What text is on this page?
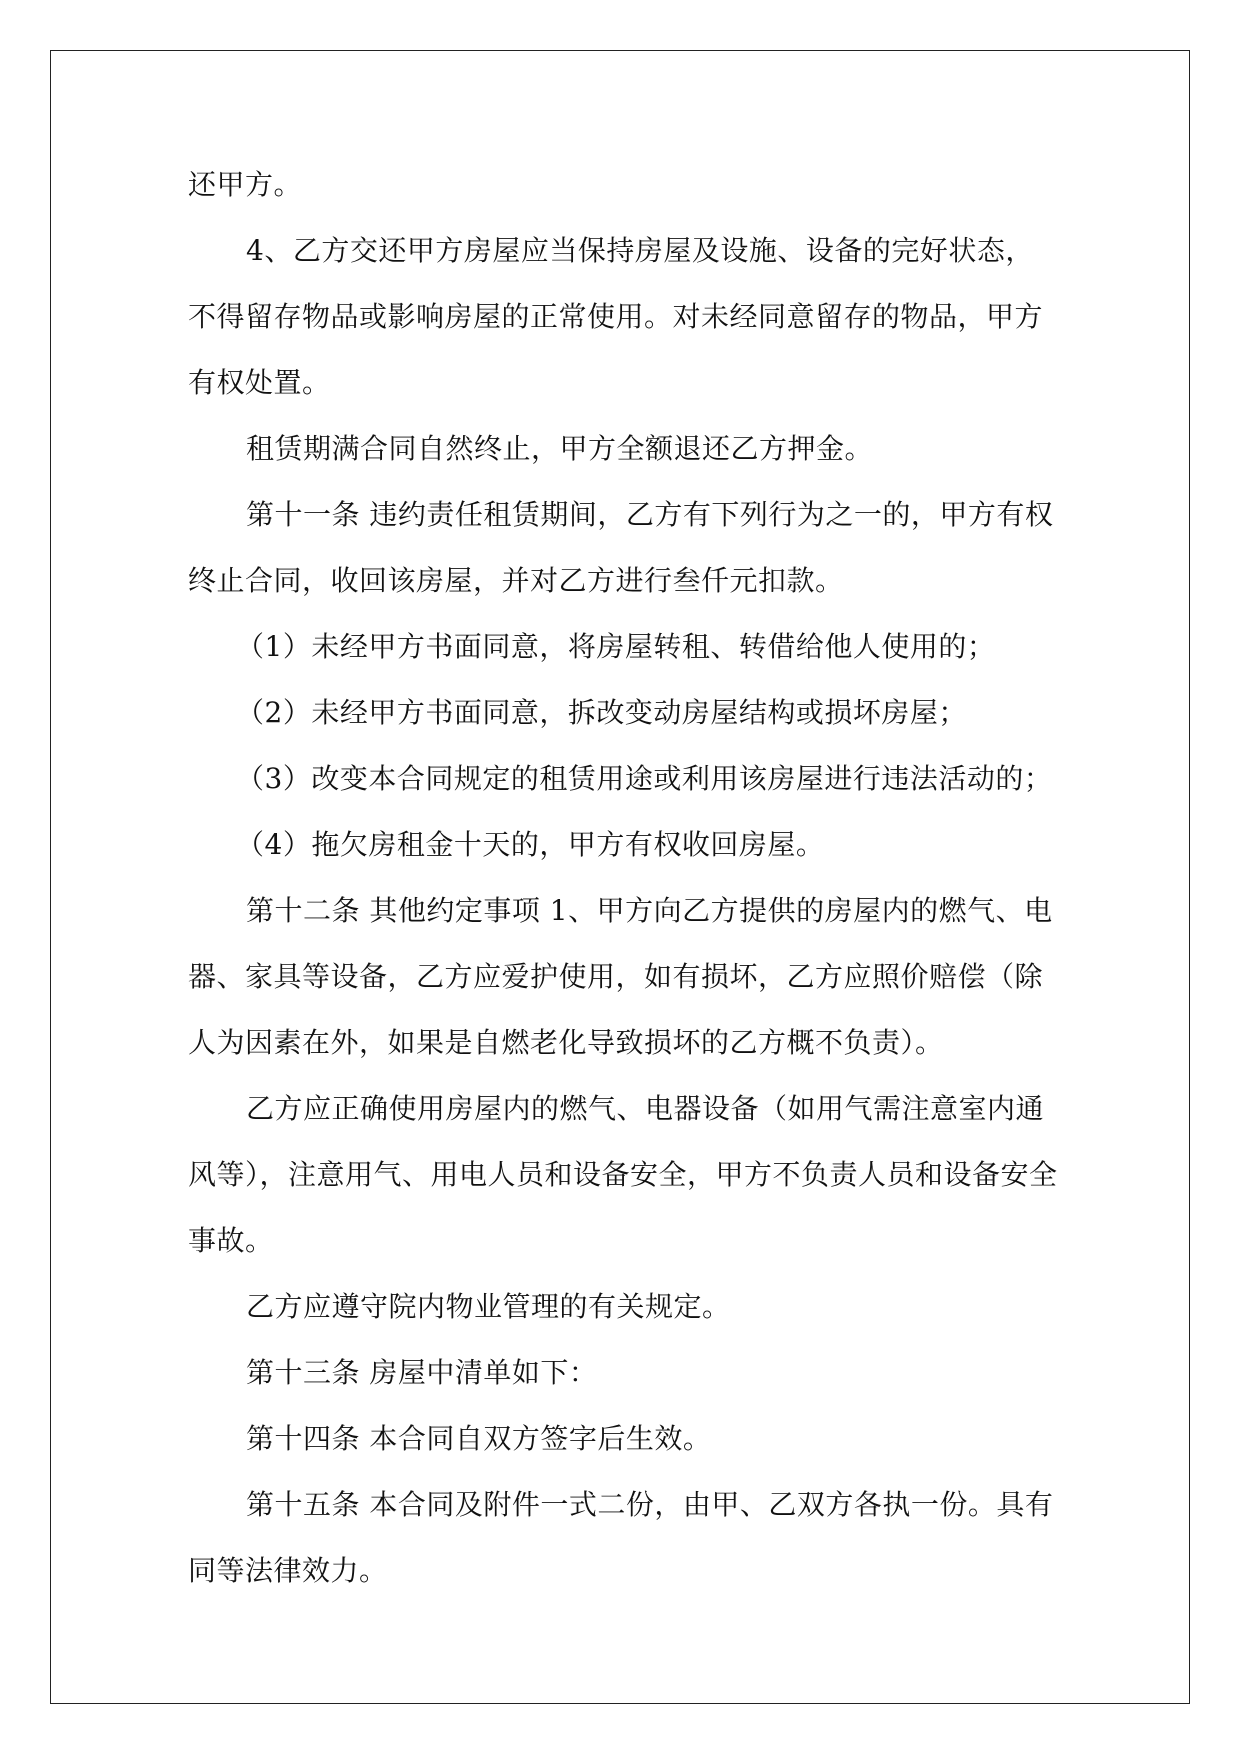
还甲方。

4、乙方交还甲方房屋应当保持房屋及设施、设备的完好状态，不得留存物品或影响房屋的正常使用。对未经同意留存的物品，甲方有权处置。

租赁期满合同自然终止，甲方全额退还乙方押金。

第十一条 违约责任租赁期间，乙方有下列行为之一的，甲方有权终止合同，收回该房屋，并对乙方进行叁仟元扣款。

（1）未经甲方书面同意，将房屋转租、转借给他人使用的；

（2）未经甲方书面同意，拆改变动房屋结构或损坏房屋；

（3）改变本合同规定的租赁用途或利用该房屋进行违法活动的；

（4）拖欠房租金十天的，甲方有权收回房屋。

第十二条 其他约定事项 1、甲方向乙方提供的房屋内的燃气、电器、家具等设备，乙方应爱护使用，如有损坏，乙方应照价赔偿（除人为因素在外，如果是自燃老化导致损坏的乙方概不负责）。

乙方应正确使用房屋内的燃气、电器设备（如用气需注意室内通风等），注意用气、用电人员和设备安全，甲方不负责人员和设备安全事故。

乙方应遵守院内物业管理的有关规定。

第十三条 房屋中清单如下：

第十四条 本合同自双方签字后生效。

第十五条 本合同及附件一式二份，由甲、乙双方各执一份。具有同等法律效力。
